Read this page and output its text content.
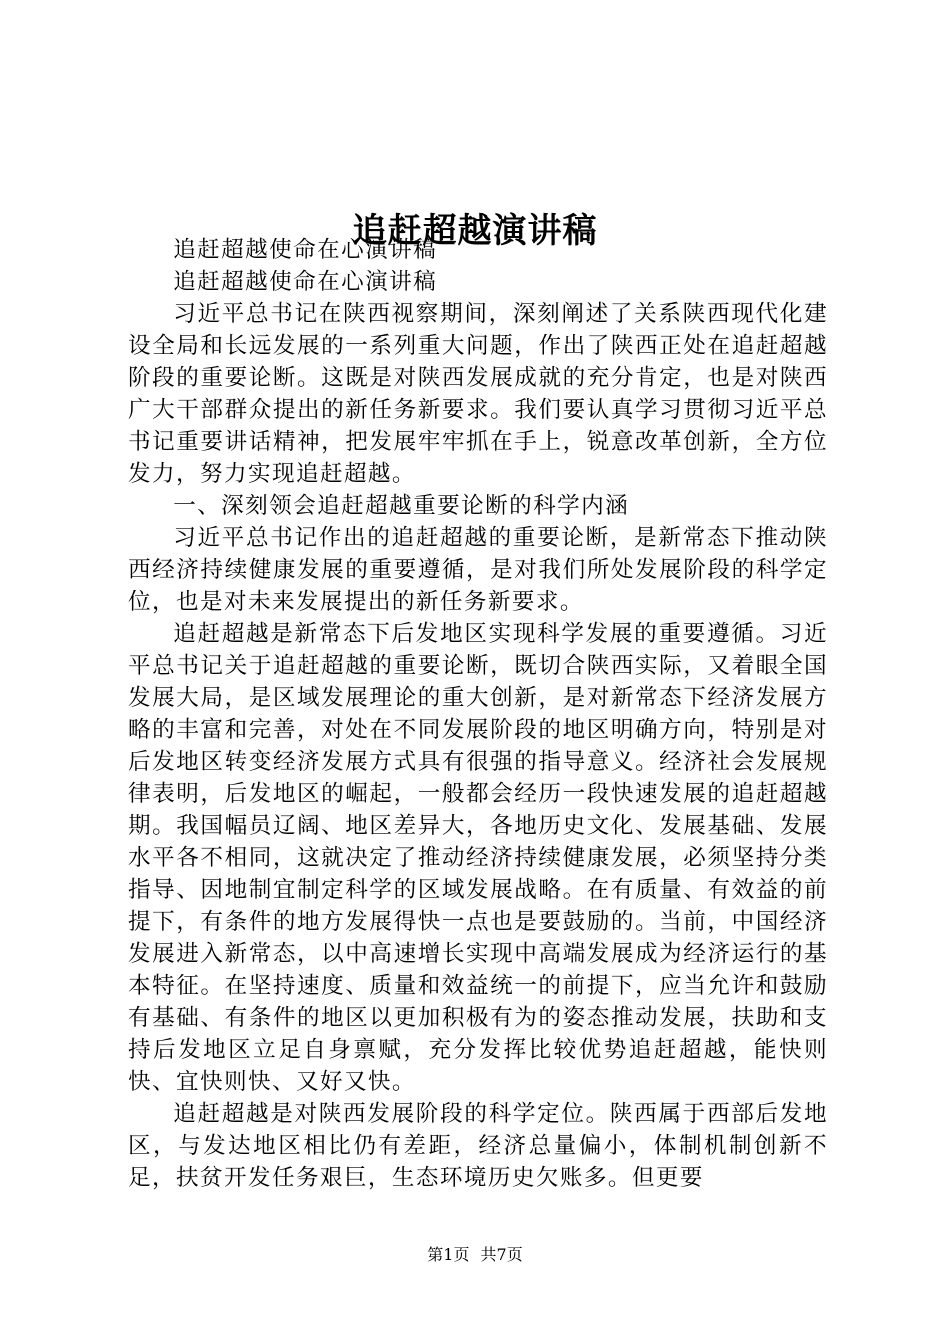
追赶超越演讲稿

追赶超越使命在心演讲稿

追赶超越使命在心演讲稿

习近平总书记在陕西视察期间，深刻阐述了关系陕西现代化建设全局和长远发展的一系列重大问题，作出了陕西正处在追赶超越阶段的重要论断。这既是对陕西发展成就的充分肯定，也是对陕西广大干部群众提出的新任务新要求。我们要认真学习贯彻习近平总书记重要讲话精神，把发展牢牢抓在手上，锐意改革创新，全方位发力，努力实现追赶超越。

一、深刻领会追赶超越重要论断的科学内涵

习近平总书记作出的追赶超越的重要论断，是新常态下推动陕西经济持续健康发展的重要遵循，是对我们所处发展阶段的科学定位，也是对未来发展提出的新任务新要求。

追赶超越是新常态下后发地区实现科学发展的重要遵循。习近平总书记关于追赶超越的重要论断，既切合陕西实际，又着眼全国发展大局，是区域发展理论的重大创新，是对新常态下经济发展方略的丰富和完善，对处在不同发展阶段的地区明确方向，特别是对后发地区转变经济发展方式具有很强的指导意义。经济社会发展规律表明，后发地区的崛起，一般都会经历一段快速发展的追赶超越期。我国幅员辽阔、地区差异大，各地历史文化、发展基础、发展水平各不相同，这就决定了推动经济持续健康发展，必须坚持分类指导、因地制宜制定科学的区域发展战略。在有质量、有效益的前提下，有条件的地方发展得快一点也是要鼓励的。当前，中国经济发展进入新常态，以中高速增长实现中高端发展成为经济运行的基本特征。在坚持速度、质量和效益统一的前提下，应当允许和鼓励有基础、有条件的地区以更加积极有为的姿态推动发展，扶助和支持后发地区立足自身禀赋，充分发挥比较优势追赶超越，能快则快、宜快则快、又好又快。

追赶超越是对陕西发展阶段的科学定位。陕西属于西部后发地区，与发达地区相比仍有差距，经济总量偏小，体制机制创新不足，扶贫开发任务艰巨，生态环境历史欠账多。但更要

第1页 共7页
